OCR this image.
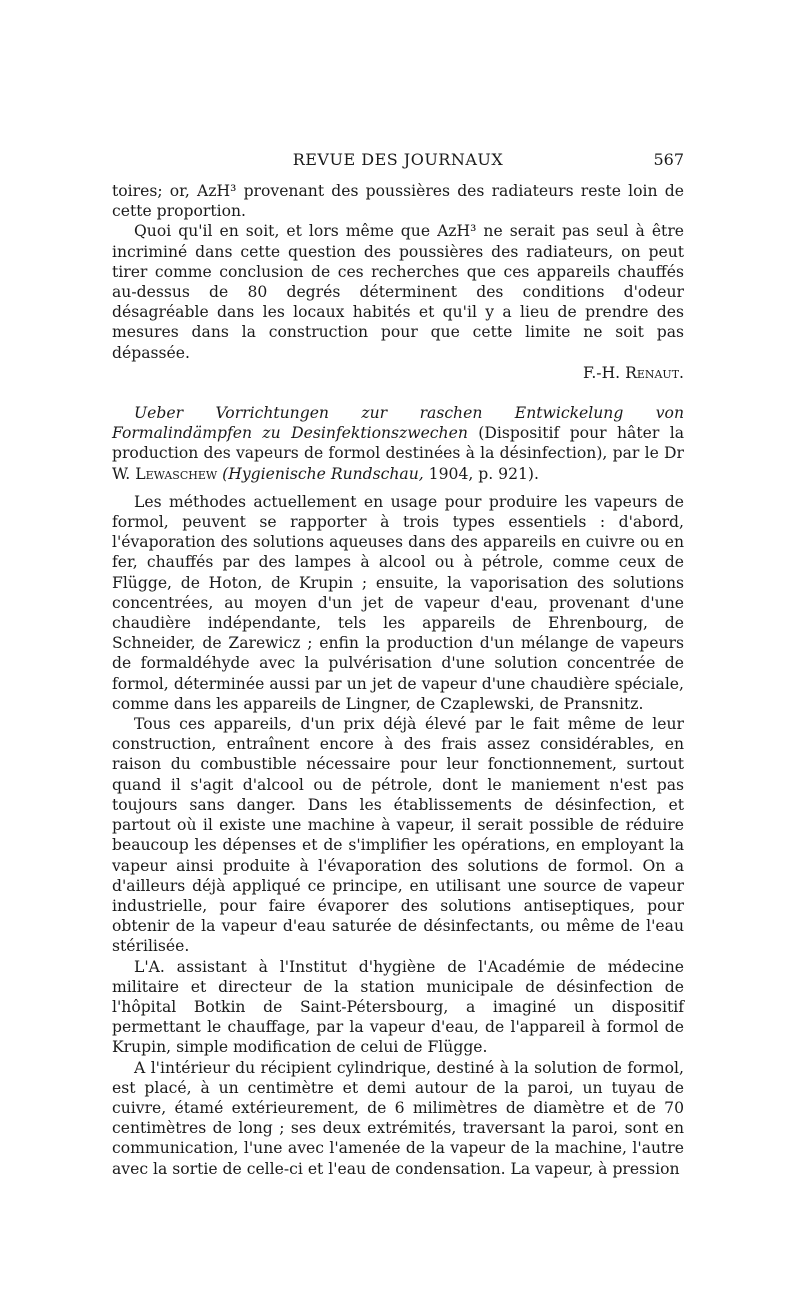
REVUE DES JOURNAUX	567

toires; or, AzH³ provenant des poussières des radiateurs reste loin de cette proportion.

Quoi qu'il en soit, et lors même que AzH³ ne serait pas seul à être incriminé dans cette question des poussières des radiateurs, on peut tirer comme conclusion de ces recherches que ces appareils chauffés au-dessus de 80 degrés déterminent des conditions d'odeur désagréable dans les locaux habités et qu'il y a lieu de prendre des mesures dans la construction pour que cette limite ne soit pas dépassée.

F.-H. Renaut.

Ueber Vorrichtungen zur raschen Entwickelung von Formalindämpfen zu Desinfektionszwechen (Dispositif pour hâter la production des vapeurs de formol destinées à la désinfection), par le Dr W. Lewaschew (Hygienische Rundschau, 1904, p. 921).

Les méthodes actuellement en usage pour produire les vapeurs de formol, peuvent se rapporter à trois types essentiels : d'abord, l'évaporation des solutions aqueuses dans des appareils en cuivre ou en fer, chauffés par des lampes à alcool ou à pétrole, comme ceux de Flügge, de Hoton, de Krupin ; ensuite, la vaporisation des solutions concentrées, au moyen d'un jet de vapeur d'eau, provenant d'une chaudière indépendante, tels les appareils de Ehrenbourg, de Schneider, de Zarewicz ; enfin la production d'un mélange de vapeurs de formaldéhyde avec la pulvérisation d'une solution concentrée de formol, déterminée aussi par un jet de vapeur d'une chaudière spéciale, comme dans les appareils de Lingner, de Czaplewski, de Pransnitz.

Tous ces appareils, d'un prix déjà élevé par le fait même de leur construction, entraînent encore à des frais assez considérables, en raison du combustible nécessaire pour leur fonctionnement, surtout quand il s'agit d'alcool ou de pétrole, dont le maniement n'est pas toujours sans danger. Dans les établissements de désinfection, et partout où il existe une machine à vapeur, il serait possible de réduire beaucoup les dépenses et de s'implifier les opérations, en employant la vapeur ainsi produite à l'évaporation des solutions de formol. On a d'ailleurs déjà appliqué ce principe, en utilisant une source de vapeur industrielle, pour faire évaporer des solutions antiseptiques, pour obtenir de la vapeur d'eau saturée de désinfectants, ou même de l'eau stérilisée.

L'A. assistant à l'Institut d'hygiène de l'Académie de médecine militaire et directeur de la station municipale de désinfection de l'hôpital Botkin de Saint-Pétersbourg, a imaginé un dispositif permettant le chauffage, par la vapeur d'eau, de l'appareil à formol de Krupin, simple modification de celui de Flügge.

A l'intérieur du récipient cylindrique, destiné à la solution de formol, est placé, à un centimètre et demi autour de la paroi, un tuyau de cuivre, étamé extérieurement, de 6 milimètres de diamètre et de 70 centimètres de long ; ses deux extrémités, traversant la paroi, sont en communication, l'une avec l'amenée de la vapeur de la machine, l'autre avec la sortie de celle-ci et l'eau de condensation. La vapeur, à pression
